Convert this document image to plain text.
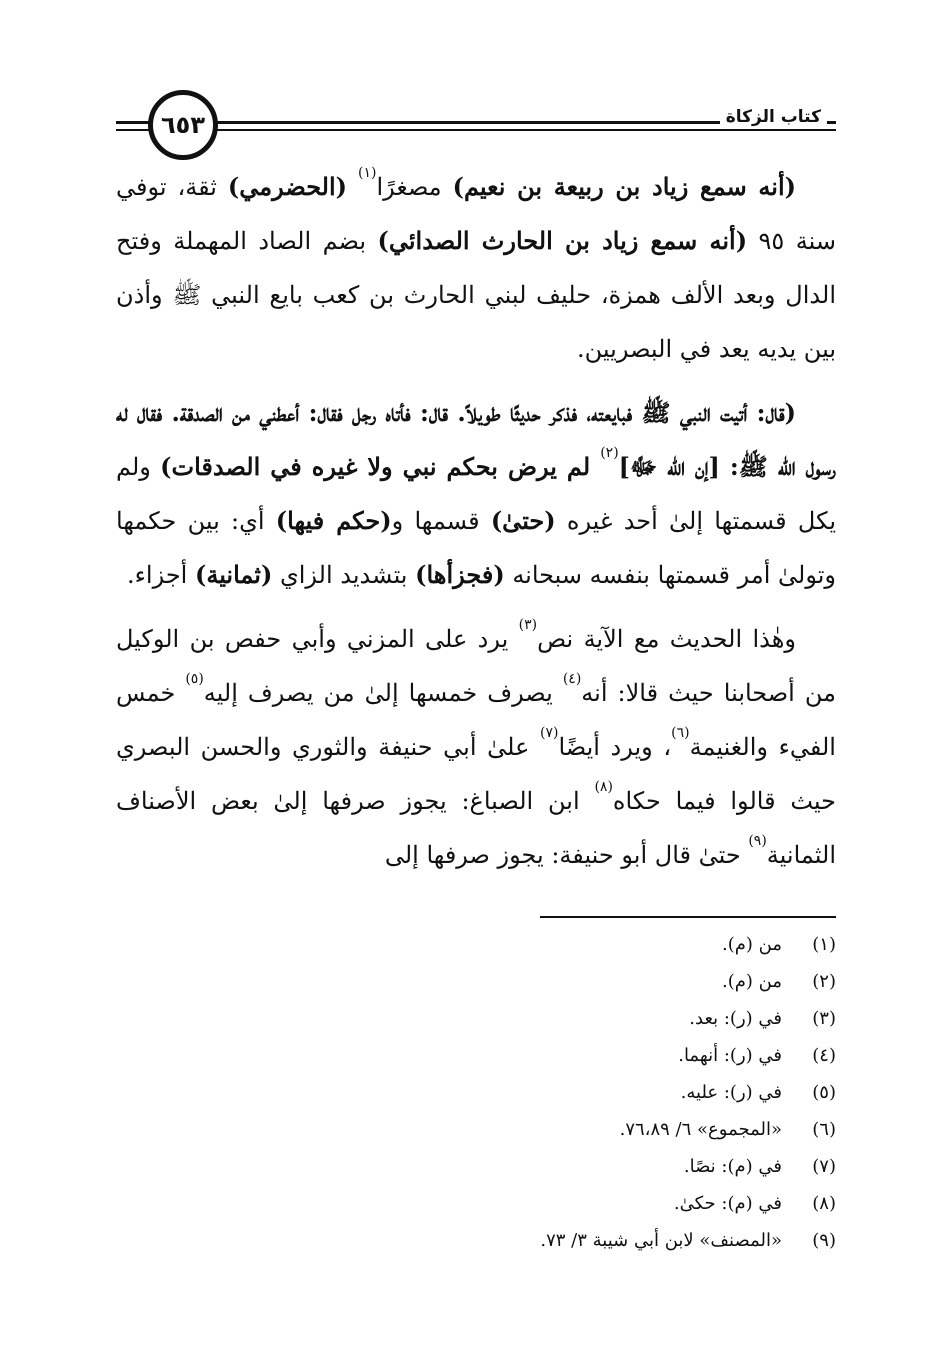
كتاب الزكاة
٦٥٣

(أنه سمع زياد بن ربيعة بن نعيم) مصغرًا$^{(١)}$ (الحضرمي) ثقة، توفي سنة ٩٥ (أنه سمع زياد بن الحارث الصدائي) بضم الصاد المهملة وفتح الدال وبعد الألف همزة، حليف لبني الحارث بن كعب بايع النبي ﷺ وأذن بين يديه يعد في البصريين.

(قال: أتيت النبي ﷺ فبايعته، فذكر حديثًا طويلاً. قال: فأتاه رجل فقال: أعطني من الصدقة. فقال له رسول الله ﷺ: [إن الله ﷻ]$^{(٢)}$ لم يرض بحكم نبي ولا غيره في الصدقات) ولم يكل قسمتها إلىٰ أحد غيره (حتىٰ) قسمها و(حكم فيها) أي: بين حكمها وتولىٰ أمر قسمتها بنفسه سبحانه (فجزأها) بتشديد الزاي (ثمانية) أجزاء.

وهٰذا الحديث مع الآية نص$^{(٣)}$ يرد على المزني وأبي حفص بن الوكيل من أصحابنا حيث قالا: أنه$^{(٤)}$ يصرف خمسها إلىٰ من يصرف إليه$^{(٥)}$ خمس الفيء والغنيمة$^{(٦)}$، ويرد أيضًا$^{(٧)}$ علىٰ أبي حنيفة والثوري والحسن البصري حيث قالوا فيما حكاه$^{(٨)}$ ابن الصباغ: يجوز صرفها إلىٰ بعض الأصناف الثمانية$^{(٩)}$ حتىٰ قال أبو حنيفة: يجوز صرفها إلى

(١)
من (م).
(٢)
من (م).
(٣)
في (ر): بعد.
(٤)
في (ر): أنهما.
(٥)
في (ر): عليه.
(٦)
«المجموع» ٦/ ٧٦،٨٩.
(٧)
في (م): نصًا.
(٨)
في (م): حكىٰ.
(٩)
«المصنف» لابن أبي شيبة ٣/ ٧٣.
